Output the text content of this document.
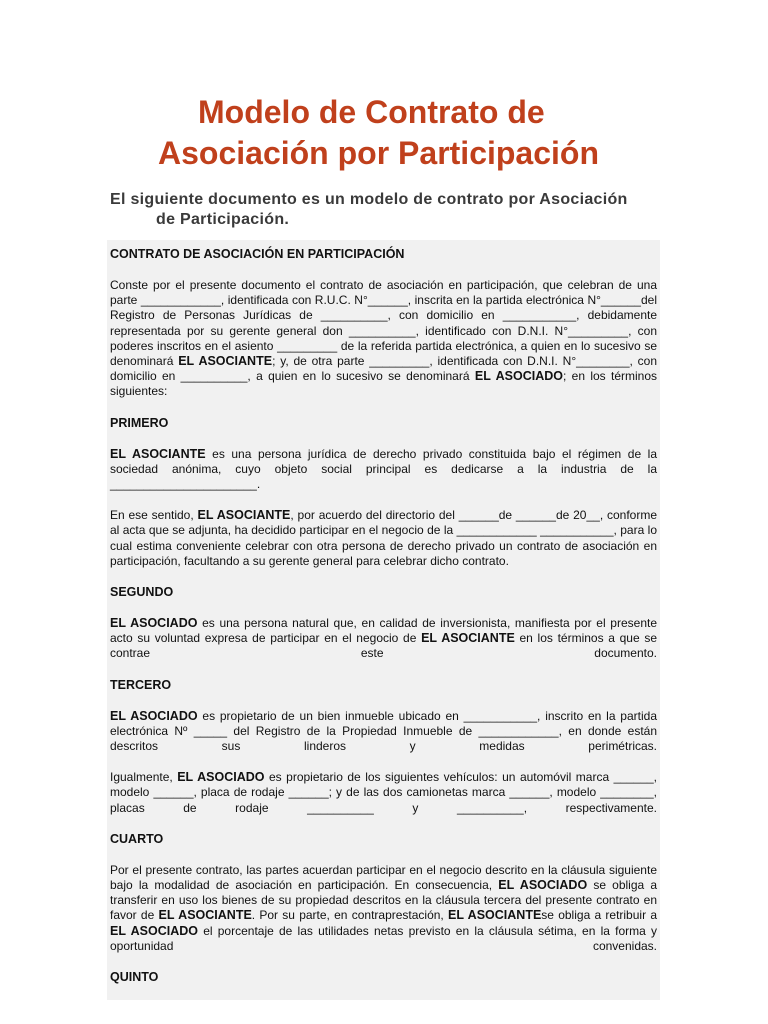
Modelo de Contrato de
Asociación por Participación

El siguiente documento es un modelo de contrato por Asociación
de Participación.

CONTRATO DE ASOCIACIÓN EN PARTICIPACIÓN

Conste por el presente documento el contrato de asociación en participación, que celebran de una parte ____________, identificada con R.U.C. N°______, inscrita en la partida electrónica N°______del Registro de Personas Jurídicas de __________, con domicilio en ___________, debidamente representada por su gerente general don __________, identificado con D.N.I. N°_________, con poderes inscritos en el asiento _________ de la referida partida electrónica, a quien en lo sucesivo se denominará EL ASOCIANTE; y, de otra parte _________, identificada con D.N.I. N°________, con domicilio en __________, a quien en lo sucesivo se denominará EL ASOCIADO; en los términos siguientes:

PRIMERO

EL ASOCIANTE es una persona jurídica de derecho privado constituida bajo el régimen de la sociedad anónima, cuyo objeto social principal es dedicarse a la industria de la ______________________.

En ese sentido, EL ASOCIANTE, por acuerdo del directorio del ______de ______de 20__, conforme al acta que se adjunta, ha decidido participar en el negocio de la ____________ ___________, para lo cual estima conveniente celebrar con otra persona de derecho privado un contrato de asociación en participación, facultando a su gerente general para celebrar dicho contrato.

SEGUNDO

EL ASOCIADO es una persona natural que, en calidad de inversionista, manifiesta por el presente acto su voluntad expresa de participar en el negocio de EL ASOCIANTE en los términos a que se contrae este documento.

TERCERO

EL ASOCIADO es propietario de un bien inmueble ubicado en ___________, inscrito en la partida electrónica Nº _____ del Registro de la Propiedad Inmueble de ____________, en donde están descritos sus linderos y medidas perimétricas.

Igualmente, EL ASOCIADO es propietario de los siguientes vehículos: un automóvil marca ______, modelo ______, placa de rodaje ______; y de las dos camionetas marca ______, modelo ________, placas de rodaje __________ y __________, respectivamente.

CUARTO

Por el presente contrato, las partes acuerdan participar en el negocio descrito en la cláusula siguiente bajo la modalidad de asociación en participación. En consecuencia, EL ASOCIADO se obliga a transferir en uso los bienes de su propiedad descritos en la cláusula tercera del presente contrato en favor de EL ASOCIANTE. Por su parte, en contraprestación, EL ASOCIANTEse obliga a retribuir a EL ASOCIADO el porcentaje de las utilidades netas previsto en la cláusula sétima, en la forma y oportunidad convenidas.

QUINTO
